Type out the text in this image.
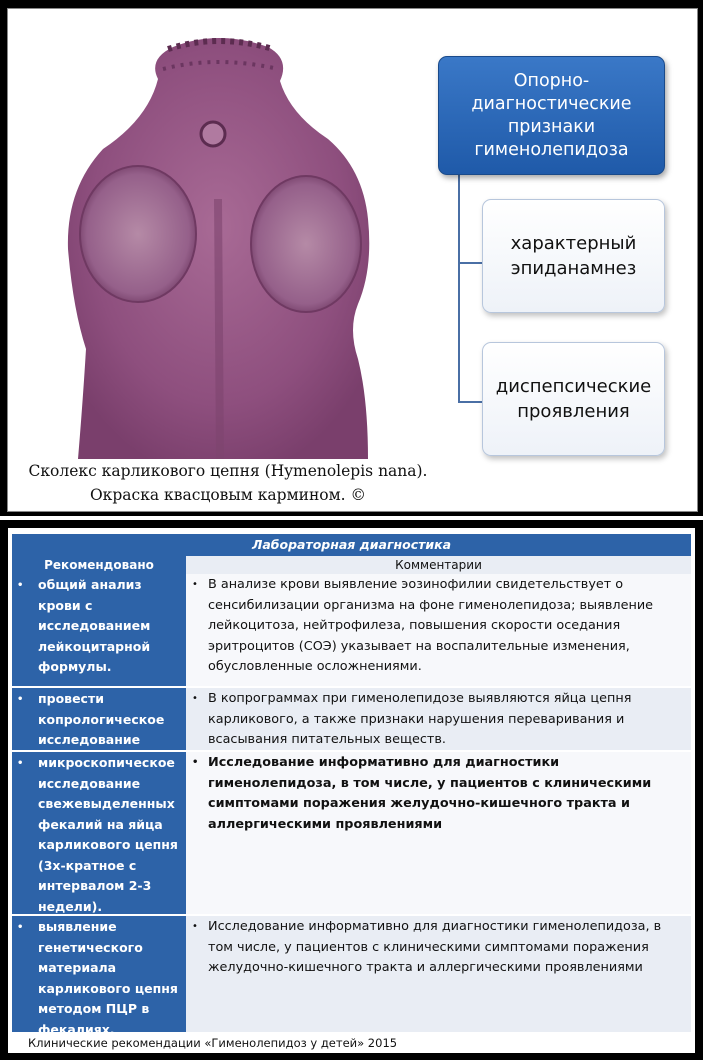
Сколекс карликового цепня (Hymenolepis nana).
Окраска квасцовым кармином. ©
Опорно-диагностические признаки гименолепидоза
характерный эпиданамнез
диспепсические проявления
Лабораторная диагностика
Рекомендовано	Комментарии
• общий анализ крови с исследованием лейкоцитарной формулы.
• В анализе крови выявление эозинофилии свидетельствует о сенсибилизации организма на фоне гименолепидоза; выявление лейкоцитоза, нейтрофилеза, повышения скорости оседания эритроцитов (СОЭ) указывает на воспалительные изменения, обусловленные осложнениями.
• провести копрологическое исследование
• В копрограммах при гименолепидозе выявляются яйца цепня карликового, а также признаки нарушения переваривания и всасывания питательных веществ.
• микроскопическое исследование свежевыделенных фекалий на яйца карликового цепня (3х-кратное с интервалом 2-3 недели).
• Исследование информативно для диагностики гименолепидоза, в том числе, у пациентов с клиническими симптомами поражения желудочно-кишечного тракта и аллергическими проявлениями
• выявление генетического материала карликового цепня методом ПЦР в фекалиях.
• Исследование информативно для диагностики гименолепидоза, в том числе, у пациентов с клиническими симптомами поражения желудочно-кишечного тракта и аллергическими проявлениями
Клинические рекомендации «Гименолепидоз у детей» 2015
